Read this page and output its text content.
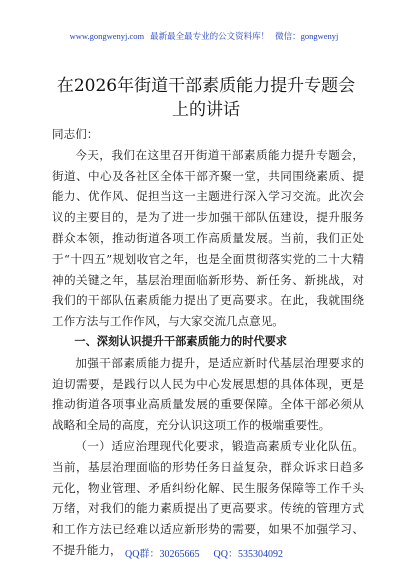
www.gongwenyj.com 最新最全最专业的公文资料库！ 微信：gongwenyj
在2026年街道干部素质能力提升专题会上的讲话

同志们：

今天，我们在这里召开街道干部素质能力提升专题会，街道、中心及各社区全体干部齐聚一堂，共同围绕素质、提能力、优作风、促担当这一主题进行深入学习交流。此次会议的主要目的，是为了进一步加强干部队伍建设，提升服务群众本领，推动街道各项工作高质量发展。当前，我们正处于“十四五”规划收官之年，也是全面贯彻落实党的二十大精神的关键之年，基层治理面临新形势、新任务、新挑战，对我们的干部队伍素质能力提出了更高要求。在此，我就围绕工作方法与工作作风，与大家交流几点意见。

一、深刻认识提升干部素质能力的时代要求

加强干部素质能力提升，是适应新时代基层治理要求的迫切需要，是践行以人民为中心发展思想的具体体现，更是推动街道各项事业高质量发展的重要保障。全体干部必须从战略和全局的高度，充分认识这项工作的极端重要性。

（一）适应治理现代化要求，锻造高素质专业化队伍。当前，基层治理面临的形势任务日益复杂，群众诉求日趋多元化，物业管理、矛盾纠纷化解、民生服务保障等工作千头万绪，对我们的能力素质提出了更高要求。传统的管理方式和工作方法已经难以适应新形势的需要，如果不加强学习、不提升能力， QQ群：30265665 QQ：535304092
